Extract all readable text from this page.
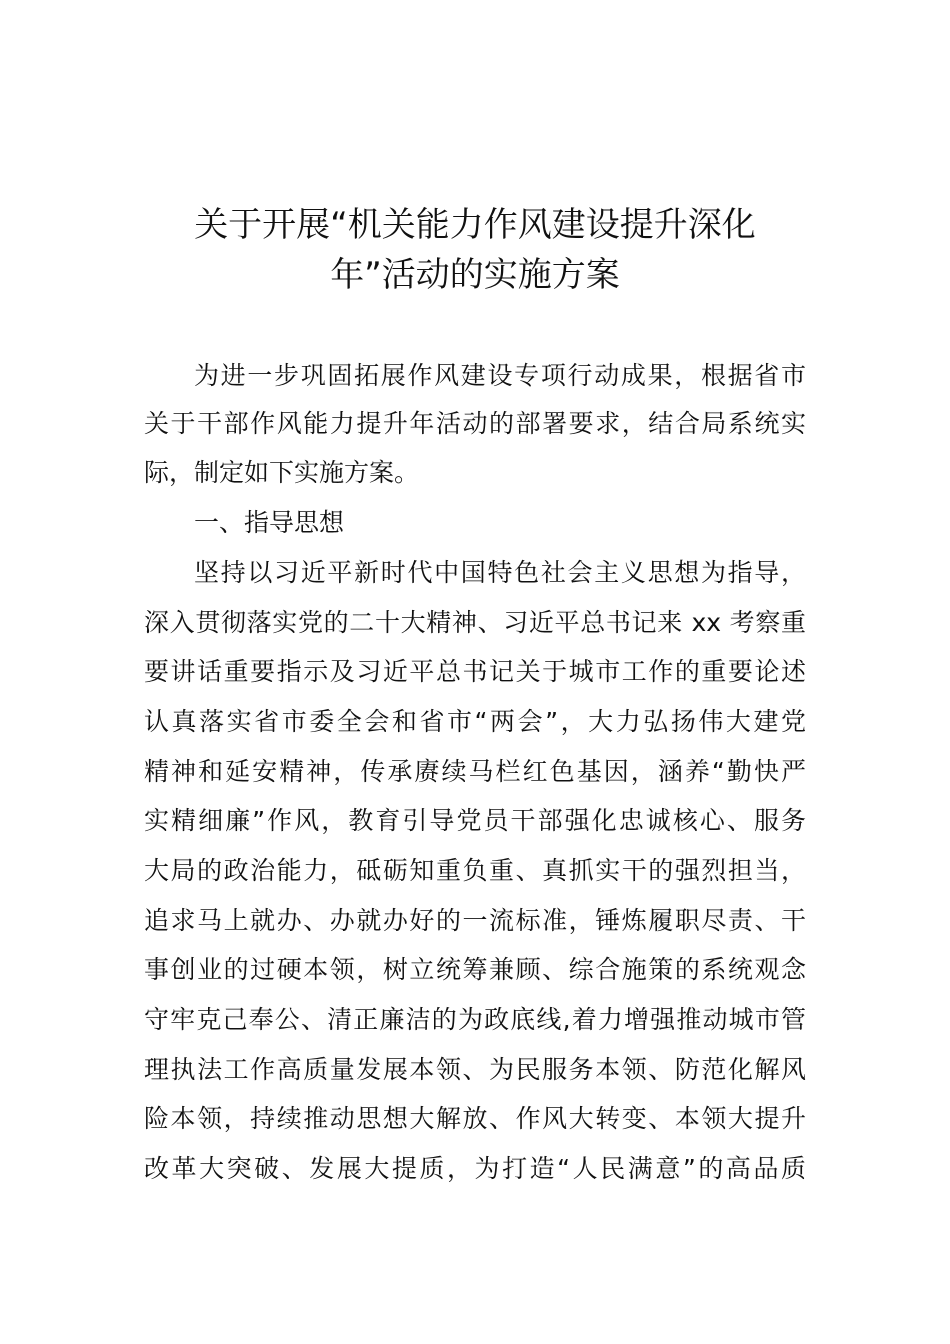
关于开展“机关能力作风建设提升深化
年”活动的实施方案
为进一步巩固拓展作风建设专项行动成果，根据省市
关于干部作风能力提升年活动的部署要求，结合局系统实
际，制定如下实施方案。
一、指导思想
坚持以习近平新时代中国特色社会主义思想为指导，
深入贯彻落实党的二十大精神、习近平总书记来 xx 考察重
要讲话重要指示及习近平总书记关于城市工作的重要论述
认真落实省市委全会和省市“两会”，大力弘扬伟大建党
精神和延安精神，传承赓续马栏红色基因，涵养“勤快严
实精细廉”作风，教育引导党员干部强化忠诚核心、服务
大局的政治能力，砥砺知重负重、真抓实干的强烈担当，
追求马上就办、办就办好的一流标准，锤炼履职尽责、干
事创业的过硬本领，树立统筹兼顾、综合施策的系统观念
守牢克己奉公、清正廉洁的为政底线,着力增强推动城市管
理执法工作高质量发展本领、为民服务本领、防范化解风
险本领，持续推动思想大解放、作风大转变、本领大提升
改革大突破、发展大提质，为打造“人民满意”的高品质
